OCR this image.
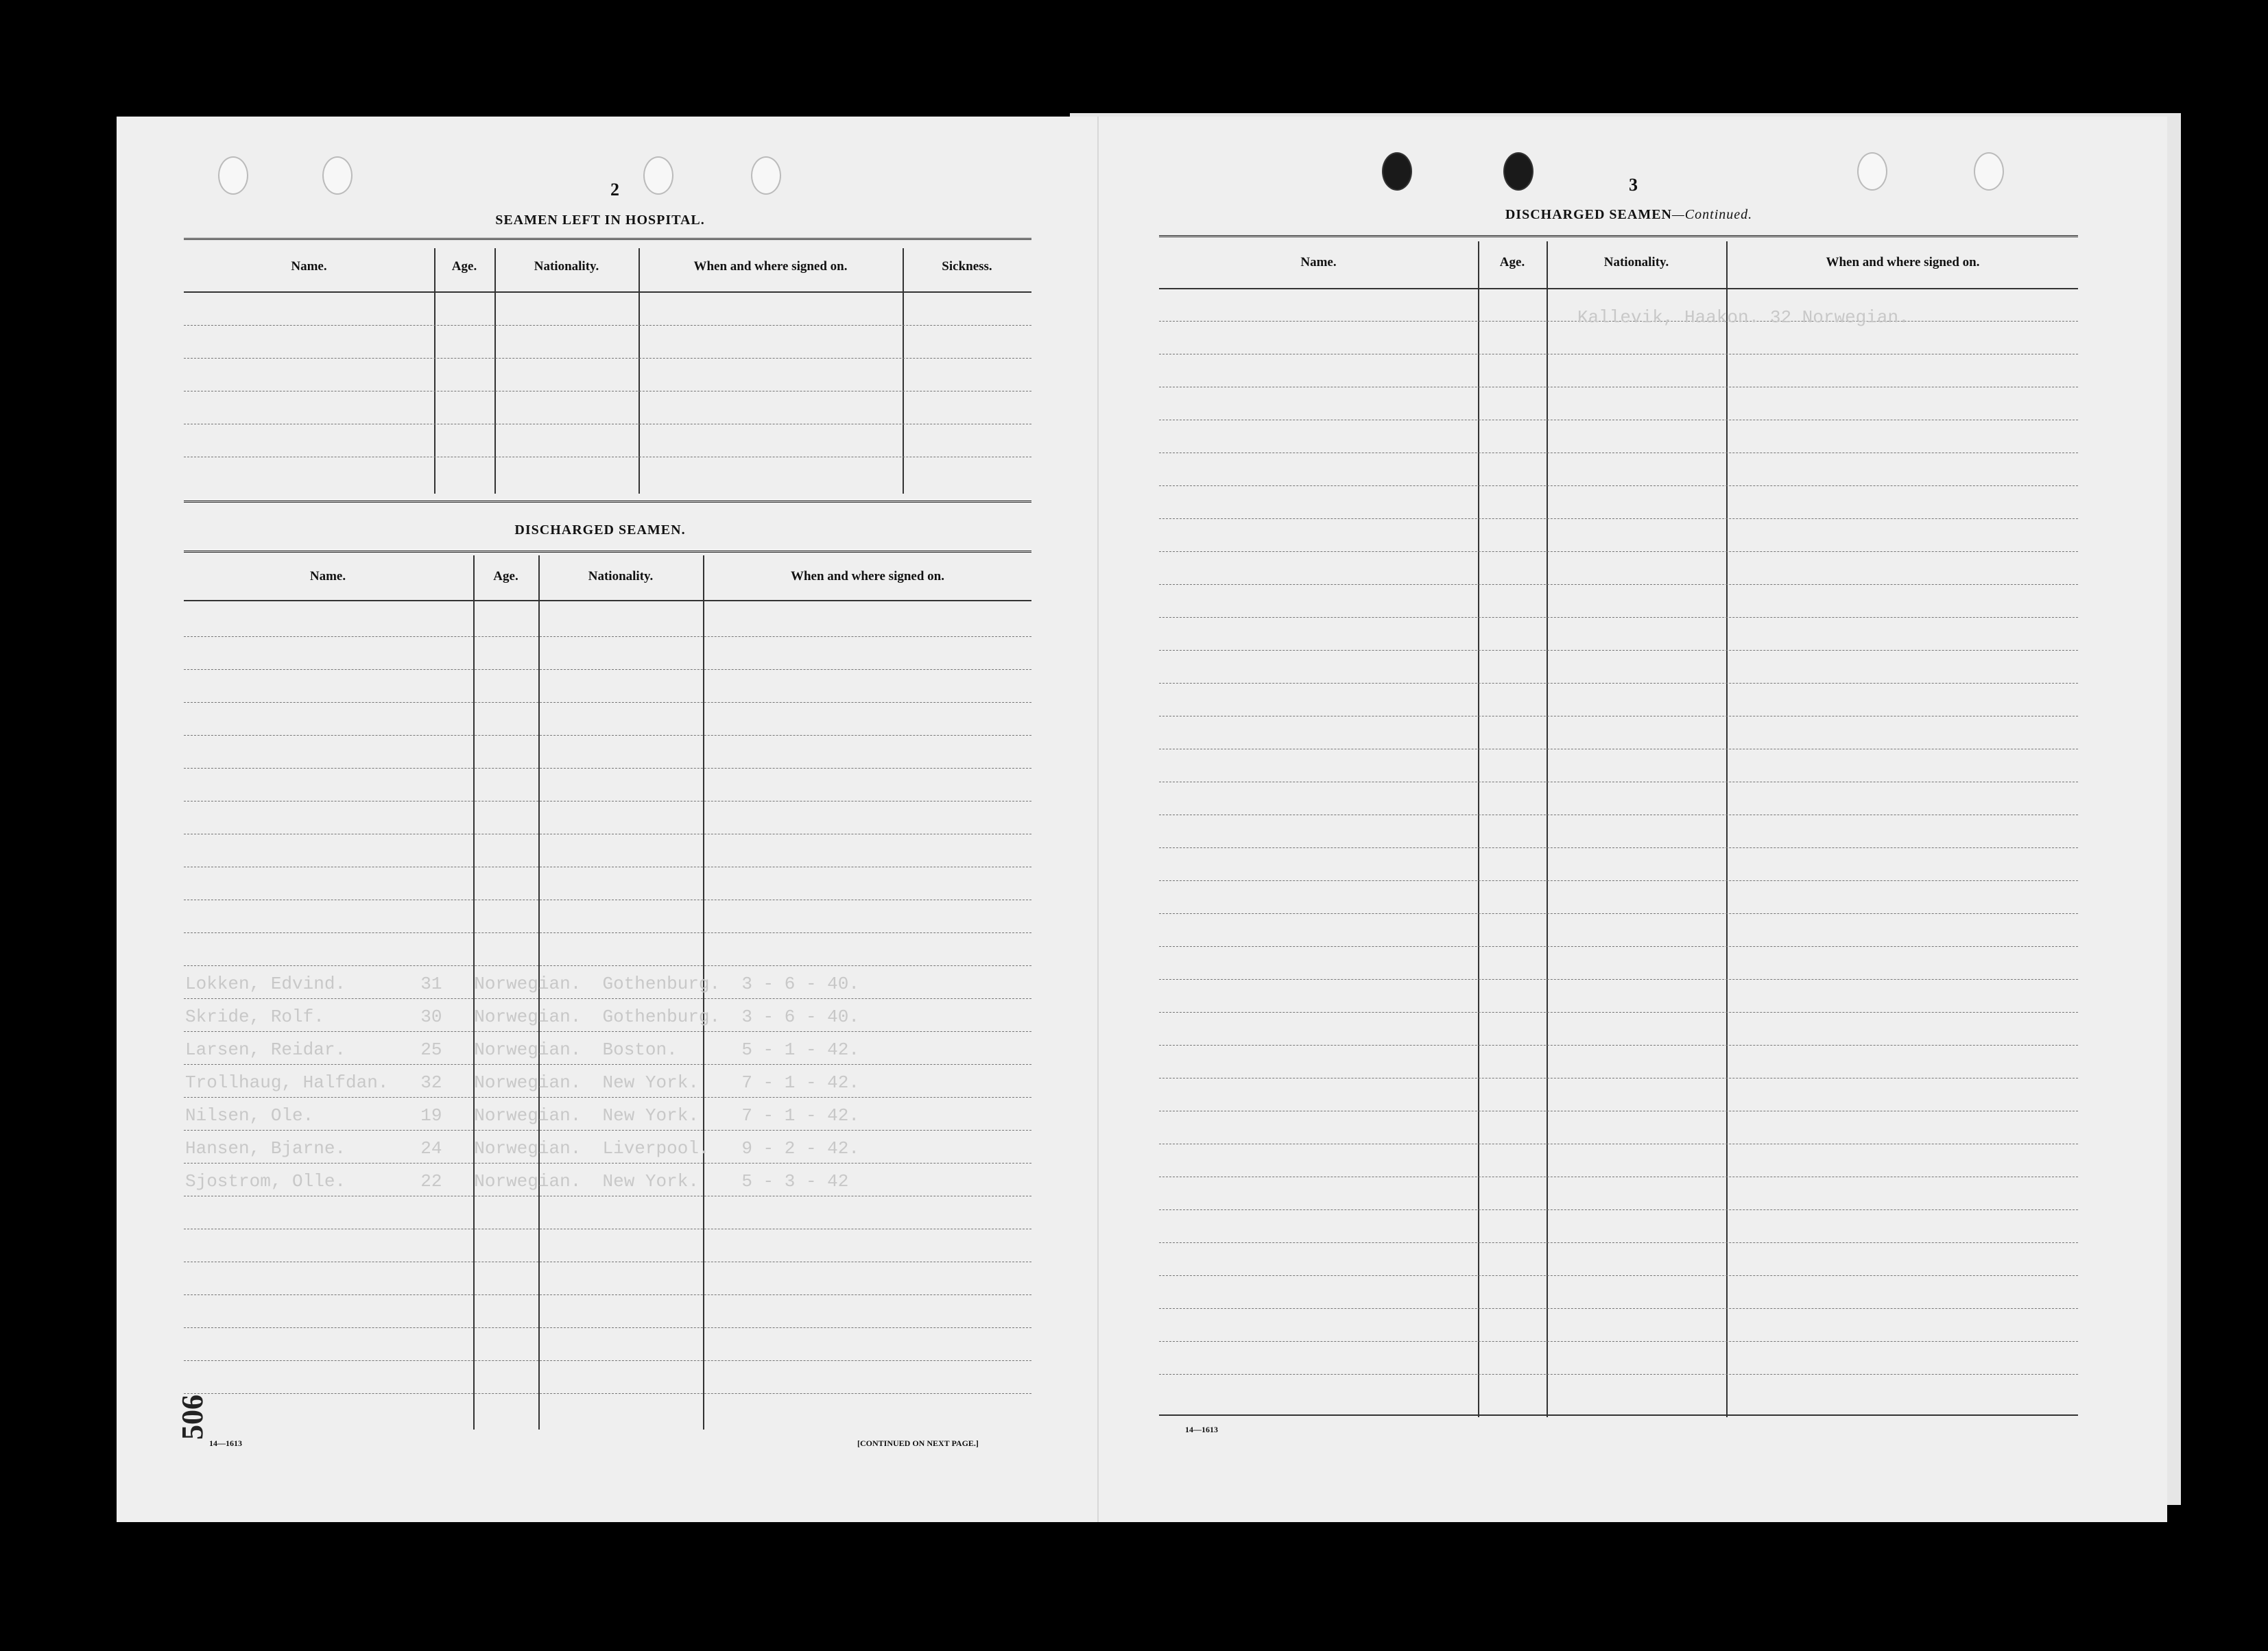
2
SEAMEN LEFT IN HOSPITAL.
Name.	Age.	Nationality.	When and where signed on.	Sickness.
DISCHARGED SEAMEN.
Name.	Age.	Nationality.	When and where signed on.
Lokken, Edvind.       31   Norwegian.  Gothenburg.  3 - 6 - 40.
Skride, Rolf.         30   Norwegian.  Gothenburg.  3 - 6 - 40.
Larsen, Reidar.       25   Norwegian.  Boston.      5 - 1 - 42.
Trollhaug, Halfdan.   32   Norwegian.  New York.    7 - 1 - 42.
Nilsen, Ole.          19   Norwegian.  New York.    7 - 1 - 42.
Hansen, Bjarne.       24   Norwegian.  Liverpool.   9 - 2 - 42.
Sjostrom, Olle.       22   Norwegian.  New York.    5 - 3 - 42
506
14—1613	[CONTINUED ON NEXT PAGE.]
3
DISCHARGED SEAMEN—Continued.
Name.	Age.	Nationality.	When and where signed on.
Kallevik, Haakon. 32 Norwegian.
14—1613
